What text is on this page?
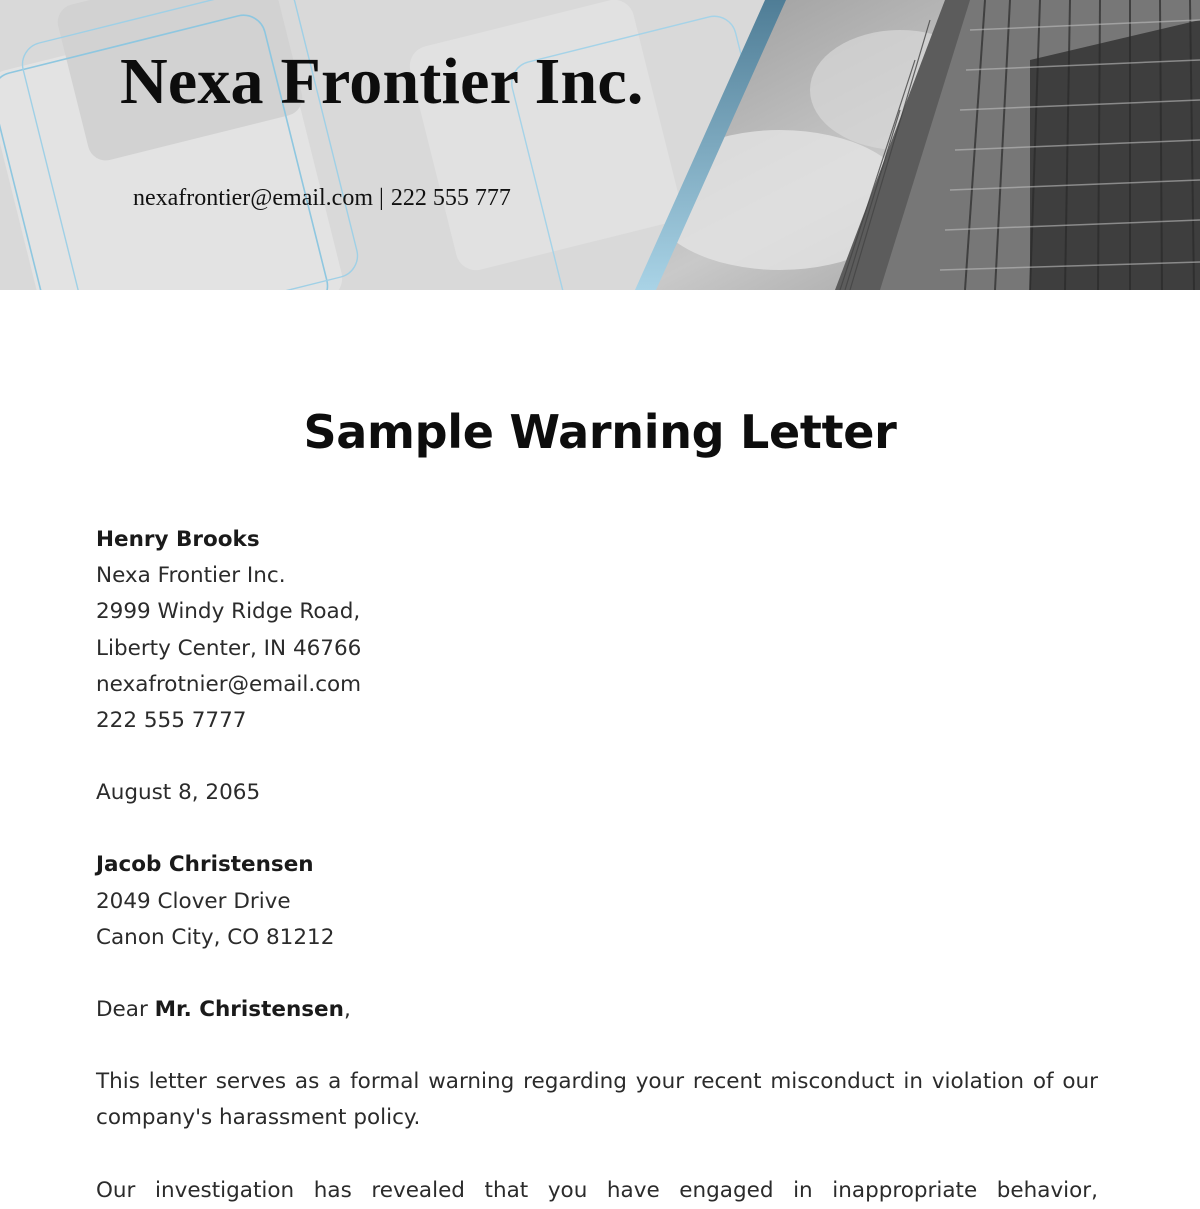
Nexa Frontier Inc.
nexafrontier@email.com | 222 555 777
Sample Warning Letter
Henry Brooks
Nexa Frontier Inc.
2999 Windy Ridge Road,
Liberty Center, IN 46766
nexafrotnier@email.com
222 555 7777
August 8, 2065
Jacob Christensen
2049 Clover Drive
Canon City, CO 81212
Dear Mr. Christensen,
This letter serves as a formal warning regarding your recent misconduct in violation of our company's harassment policy.
Our investigation has revealed that you have engaged in inappropriate behavior,
